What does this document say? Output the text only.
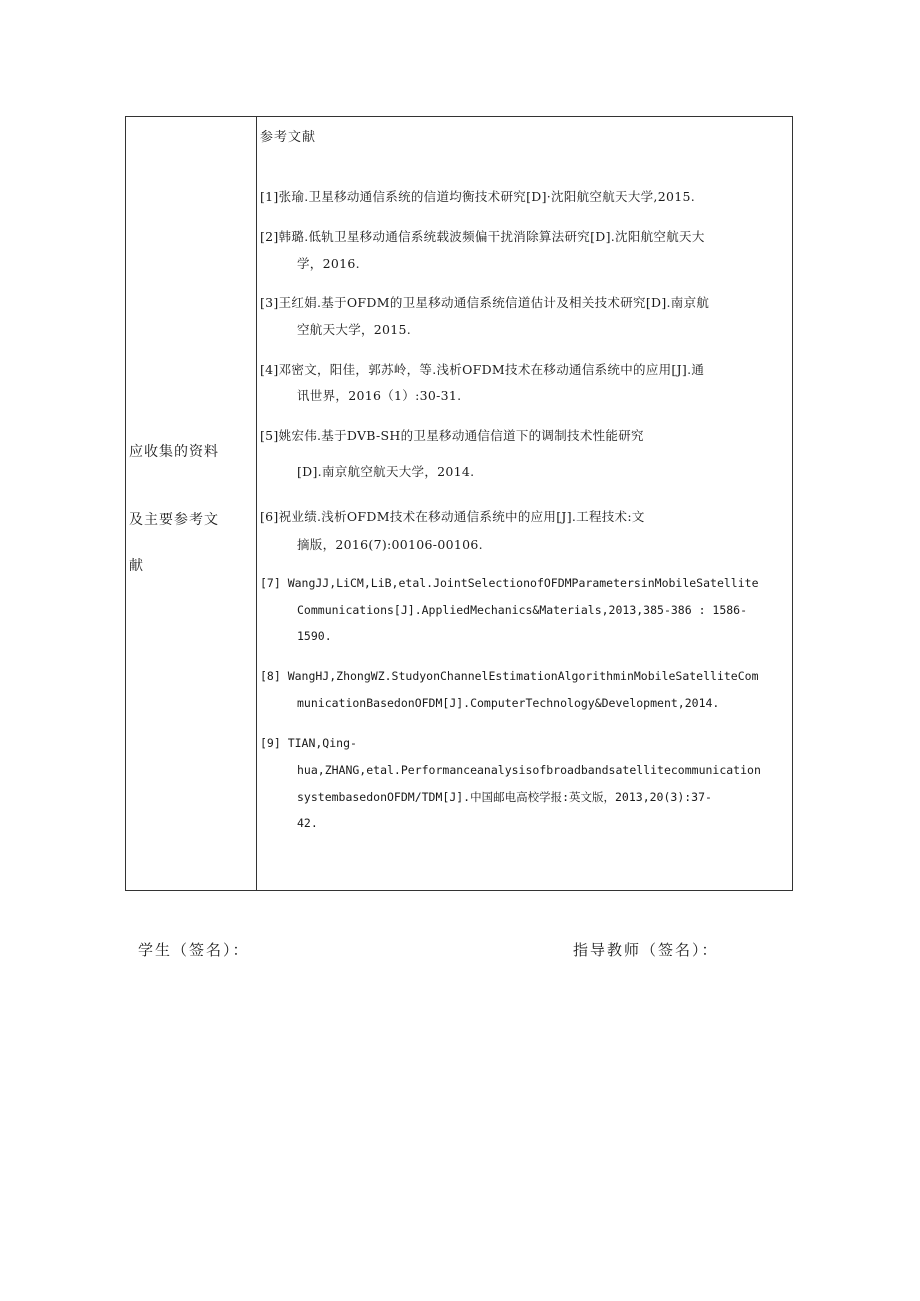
应收集的资料
及主要参考文
献
参考文献
[1]张瑜.卫星移动通信系统的信道均衡技术研究[D]·沈阳航空航天大学,2015.
[2]韩璐.低轨卫星移动通信系统载波频偏干扰消除算法研究[D].沈阳航空航天大
学，2016.
[3]王红娟.基于OFDM的卫星移动通信系统信道估计及相关技术研究[D].南京航
空航天大学，2015.
[4]邓密文，阳佳，郭苏岭，等.浅析OFDM技术在移动通信系统中的应用[J].通
讯世界，2016（1）:30-31.
[5]姚宏伟.基于DVB-SH的卫星移动通信信道下的调制技术性能研究
[D].南京航空航天大学，2014.
[6]祝业绩.浅析OFDM技术在移动通信系统中的应用[J].工程技术:文
摘版，2016(7):00106-00106.
[7] WangJJ,LiCM,LiB,etal.JointSelectionofOFDMParametersinMobileSatellite
Communications[J].AppliedMechanics&Materials,2013,385-386 : 1586-
1590.
[8] WangHJ,ZhongWZ.StudyonChannelEstimationAlgorithminMobileSatelliteCom
municationBasedonOFDM[J].ComputerTechnology&Development,2014.
[9] TIAN,Qing-
hua,ZHANG,etal.Performanceanalysisofbroadbandsatellitecommunication
systembasedonOFDM/TDM[J].中国邮电高校学报:英文版，2013,20(3):37-
42.
学生（签名）：	指导教师（签名）：
